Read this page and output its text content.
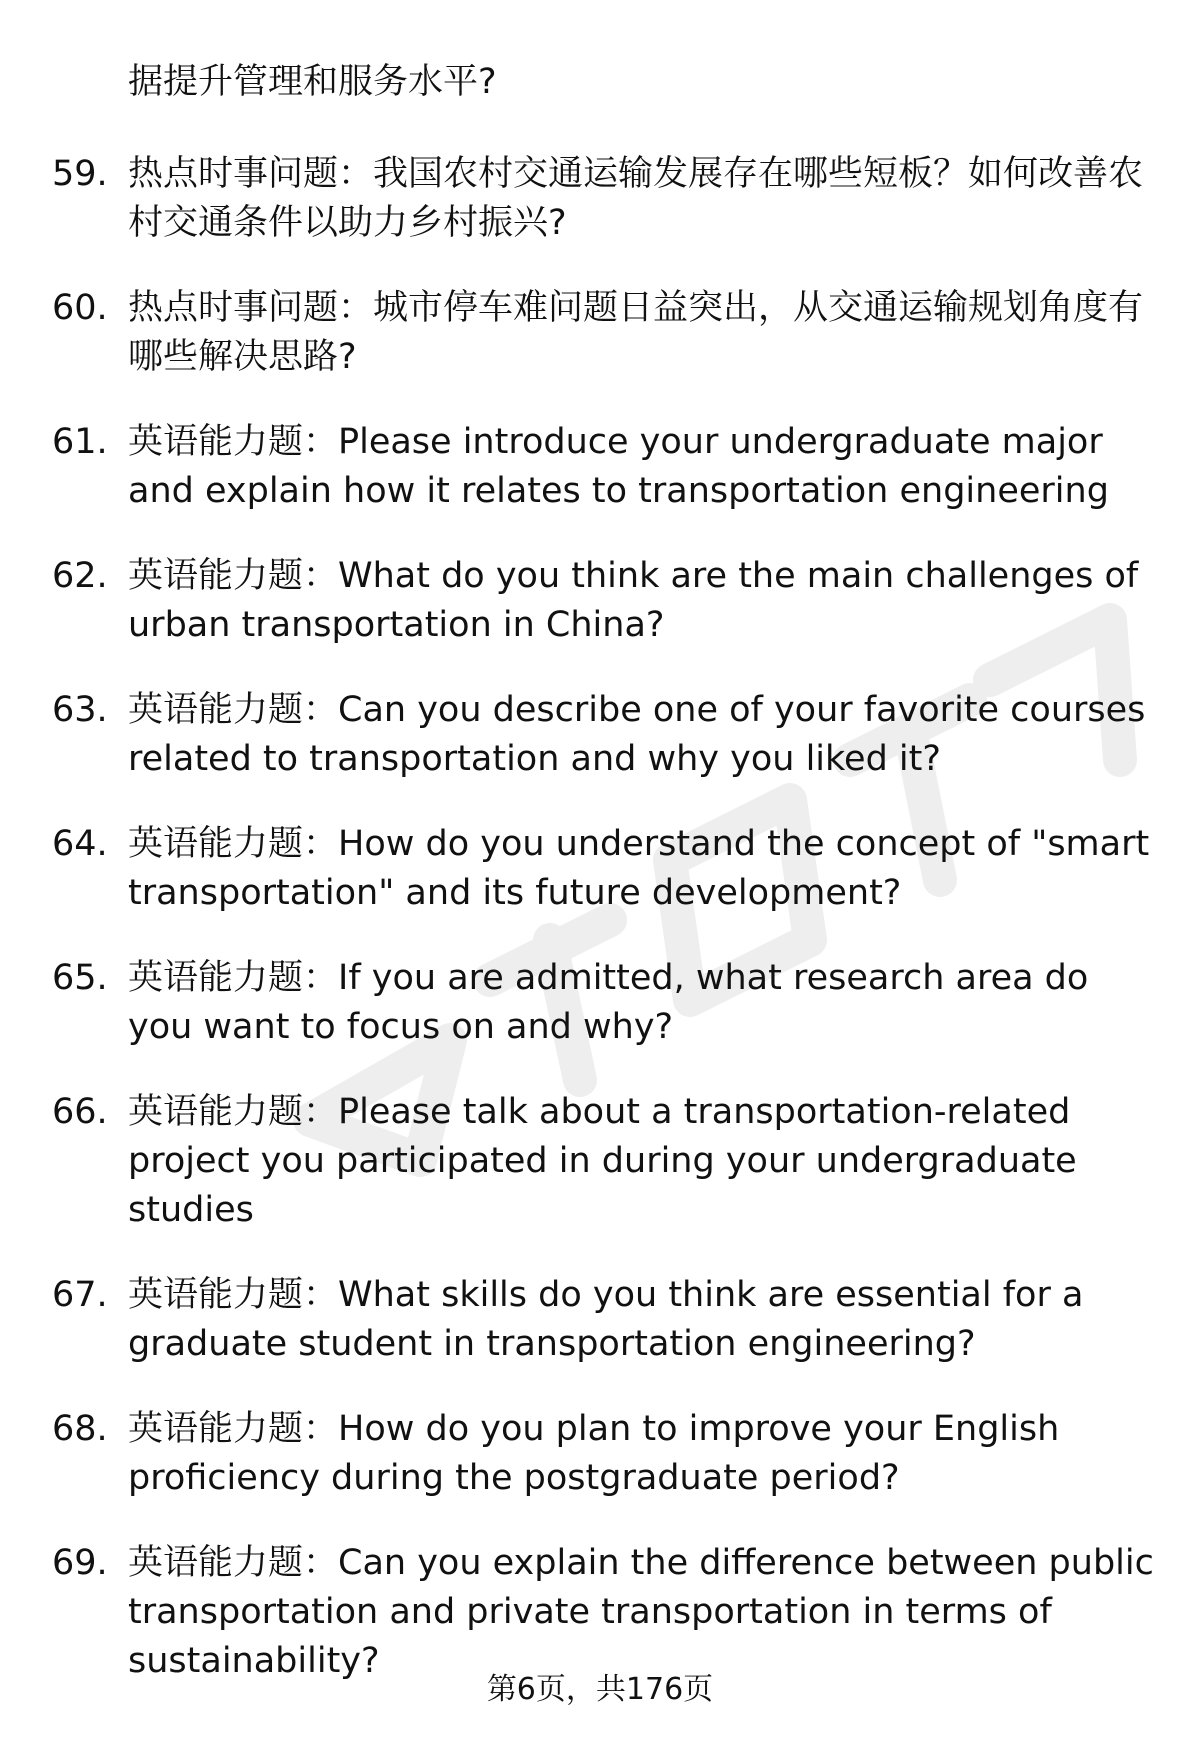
据提升管理和服务水平?

59. 热点时事问题：我国农村交通运输发展存在哪些短板？如何改善农村交通条件以助力乡村振兴?
60. 热点时事问题：城市停车难问题日益突出，从交通运输规划角度有哪些解决思路?
61. 英语能力题：Please introduce your undergraduate major and explain how it relates to transportation engineering
62. 英语能力题：What do you think are the main challenges of urban transportation in China?
63. 英语能力题：Can you describe one of your favorite courses related to transportation and why you liked it?
64. 英语能力题：How do you understand the concept of "smart transportation" and its future development?
65. 英语能力题：If you are admitted, what research area do you want to focus on and why?
66. 英语能力题：Please talk about a transportation-related project you participated in during your undergraduate studies
67. 英语能力题：What skills do you think are essential for a graduate student in transportation engineering?
68. 英语能力题：How do you plan to improve your English proficiency during the postgraduate period?
69. 英语能力题：Can you explain the difference between public transportation and private transportation in terms of sustainability?
第6页，共176页
